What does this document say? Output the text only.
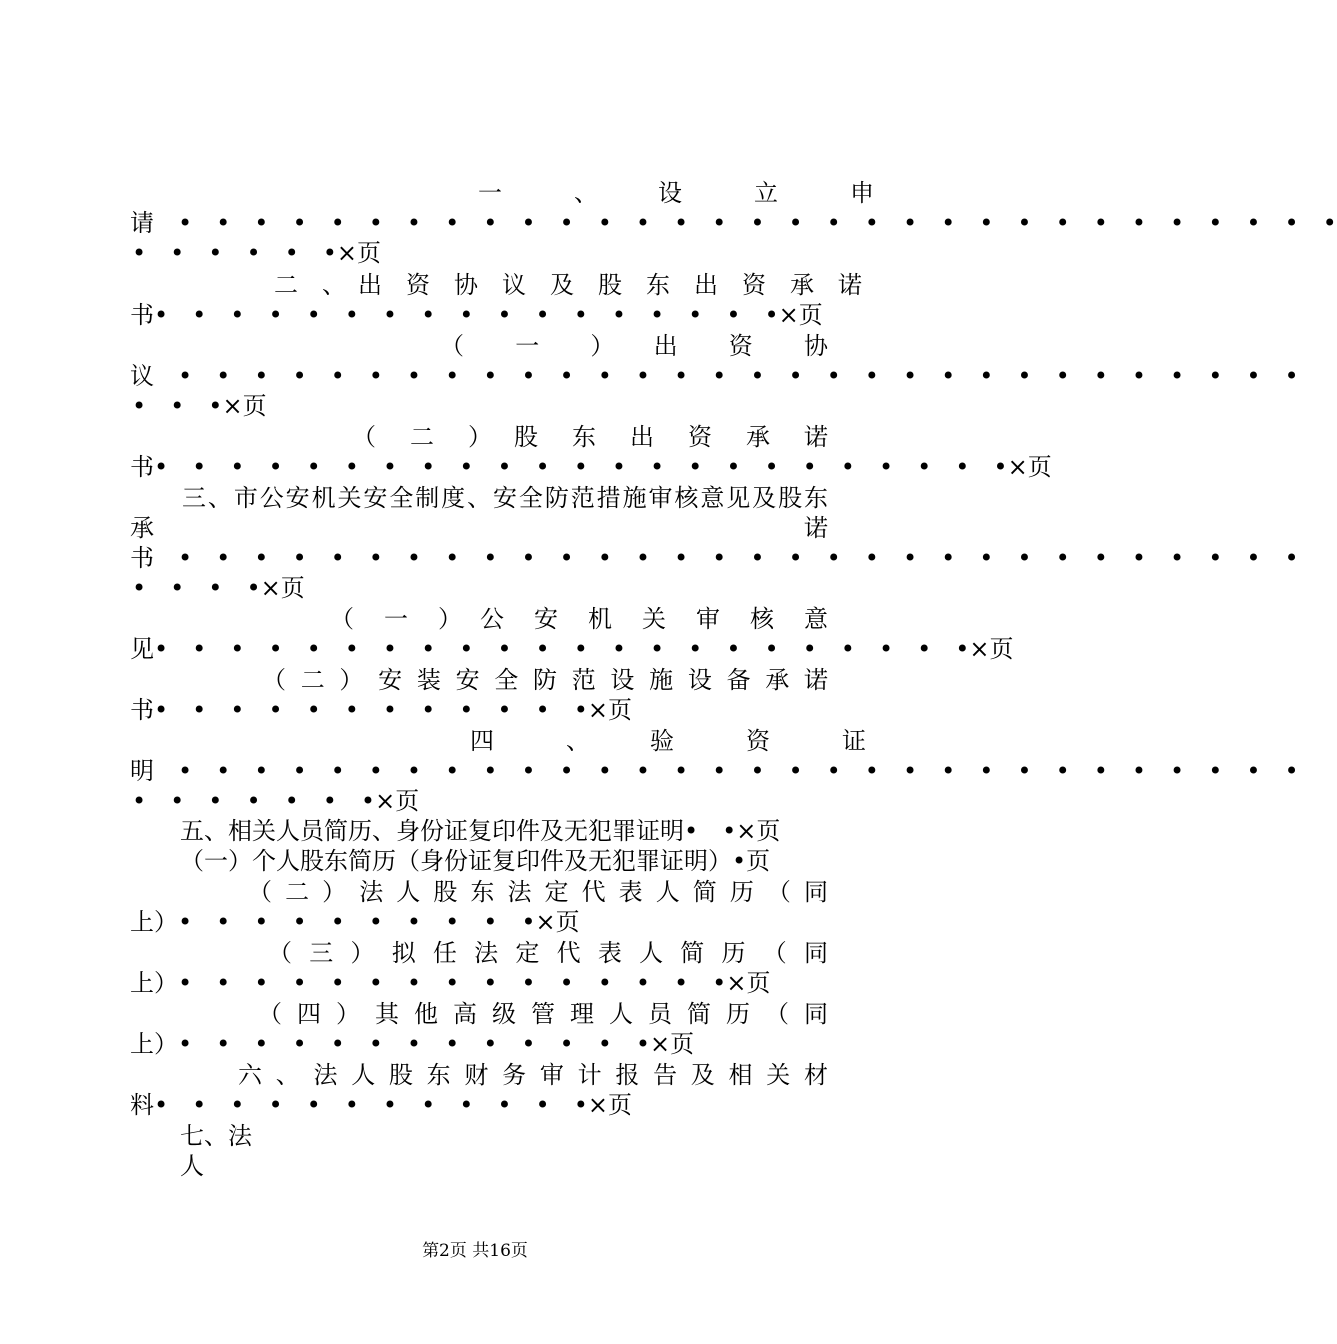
一　　　、　　　设　　　立　　　申
请　•　•　•　•　•　•　•　•　•　•　•　•　•　•　•　•　•　•　•　•　•　•　•　•　•　•　•　•　•　•　•
•　•　•　•　•　•×页
二　、　出　资　协　议　及　股　东　出　资　承　诺
书•　•　•　•　•　•　•　•　•　•　•　•　•　•　•　•　•×页
（　　一　　）　　出　　资　　协
议　•　•　•　•　•　•　•　•　•　•　•　•　•　•　•　•　•　•　•　•　•　•　•　•　•　•　•　•　•　•
•　•　•×页
（　二　）　股　东　出　资　承　诺
书•　•　•　•　•　•　•　•　•　•　•　•　•　•　•　•　•　•　•　•　•　•　•×页
三、市公安机关安全制度、安全防范措施审核意见及股东
承　　　　　　　　　　　　　　　　　　　　诺
书　•　•　•　•　•　•　•　•　•　•　•　•　•　•　•　•　•　•　•　•　•　•　•　•　•　•　•　•　•　•
•　•　•　•×页
（　一　）　公　安　机　关　审　核　意
见•　•　•　•　•　•　•　•　•　•　•　•　•　•　•　•　•　•　•　•　•　•×页
（二）安装安全防范设施设备承诺
书•　•　•　•　•　•　•　•　•　•　•　•×页
四　　　、　　　验　　　资　　　证
明　•　•　•　•　•　•　•　•　•　•　•　•　•　•　•　•　•　•　•　•　•　•　•　•　•　•　•　•　•　•
•　•　•　•　•　•　•×页
五、相关人员简历、身份证复印件及无犯罪证明•　•×页
（一）个人股东简历（身份证复印件及无犯罪证明）•页
（二）法人股东法定代表人简历（同
上）•　•　•　•　•　•　•　•　•　•×页
（三）拟任法定代表人简历（同
上）•　•　•　•　•　•　•　•　•　•　•　•　•　•　•×页
（四）其他高级管理人员简历（同
上）•　•　•　•　•　•　•　•　•　•　•　•　•×页
六、法人股东财务审计报告及相关材
料•　•　•　•　•　•　•　•　•　•　•　•×页
七、法
人
第2页 共16页
